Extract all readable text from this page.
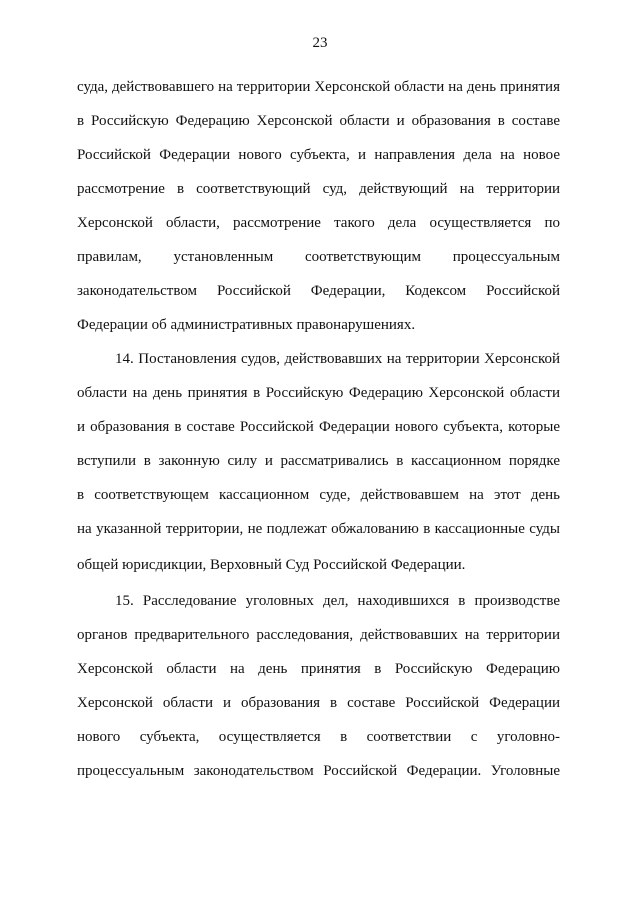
23
суда, действовавшего на территории Херсонской области на день принятия
в Российскую Федерацию Херсонской области и образования в составе
Российской Федерации нового субъекта, и направления дела на новое
рассмотрение в соответствующий суд, действующий на территории
Херсонской области, рассмотрение такого дела осуществляется по
правилам, установленным соответствующим процессуальным
законодательством Российской Федерации, Кодексом Российской
Федерации об административных правонарушениях.
14. Постановления судов, действовавших на территории Херсонской
области на день принятия в Российскую Федерацию Херсонской области
и образования в составе Российской Федерации нового субъекта, которые
вступили в законную силу и рассматривались в кассационном порядке
в соответствующем кассационном суде, действовавшем на этот день
на указанной территории, не подлежат обжалованию в кассационные суды
общей юрисдикции, Верховный Суд Российской Федерации.
15. Расследование уголовных дел, находившихся в производстве
органов предварительного расследования, действовавших на территории
Херсонской области на день принятия в Российскую Федерацию
Херсонской области и образования в составе Российской Федерации
нового субъекта, осуществляется в соответствии с уголовно-
процессуальным законодательством Российской Федерации. Уголовные
